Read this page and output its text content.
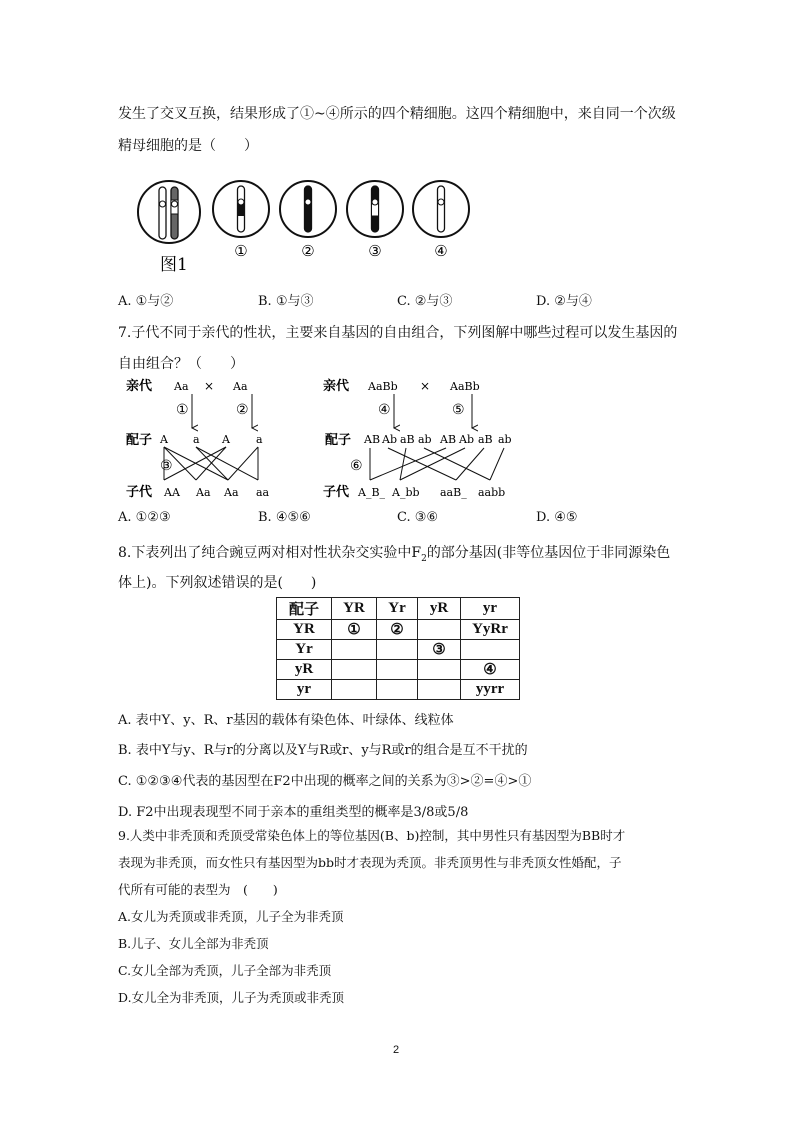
发生了交叉互换，结果形成了①~④所示的四个精细胞。这四个精细胞中，来自同一个次级
精母细胞的是（　　）
图1
①	②	③	④
A. ①与②	B. ①与③	C. ②与③	D. ②与④
7.子代不同于亲代的性状，主要来自基因的自由组合，下列图解中哪些过程可以发生基因的
自由组合？（　　）
亲代 Aa × Aa
①	②
配子 A a A a
③
子代 AA Aa Aa aa
亲代 AaBb × AaBb
④	⑤
配子 AB Ab aB ab AB Ab aB ab
⑥
子代 A_B_ A_bb aaB_ aabb
A. ①②③	B. ④⑤⑥	C. ③⑥	D. ④⑤
8.下表列出了纯合豌豆两对相对性状杂交实验中$F_2$的部分基因(非等位基因位于非同源染色
体上)。下列叙述错误的是(　　)
配子	YR	Yr	yR	yr
YR	①	②		YyRr
Yr			③	
yR				④
yr				yyrr
A. 表中Y、y、R、r基因的载体有染色体、叶绿体、线粒体
B. 表中Y与y、R与r的分离以及Y与R或r、y与R或r的组合是互不干扰的
C. ①②③④代表的基因型在F2中出现的概率之间的关系为③>②=④>①
D. F2中出现表现型不同于亲本的重组类型的概率是3/8或5/8
9.人类中非秃顶和秃顶受常染色体上的等位基因(B、b)控制，其中男性只有基因型为BB时才
表现为非秃顶，而女性只有基因型为bb时才表现为秃顶。非秃顶男性与非秃顶女性婚配，子
代所有可能的表型为　(　　)
A.女儿为秃顶或非秃顶，儿子全为非秃顶
B.儿子、女儿全部为非秃顶
C.女儿全部为秃顶，儿子全部为非秃顶
D.女儿全为非秃顶，儿子为秃顶或非秃顶
2
